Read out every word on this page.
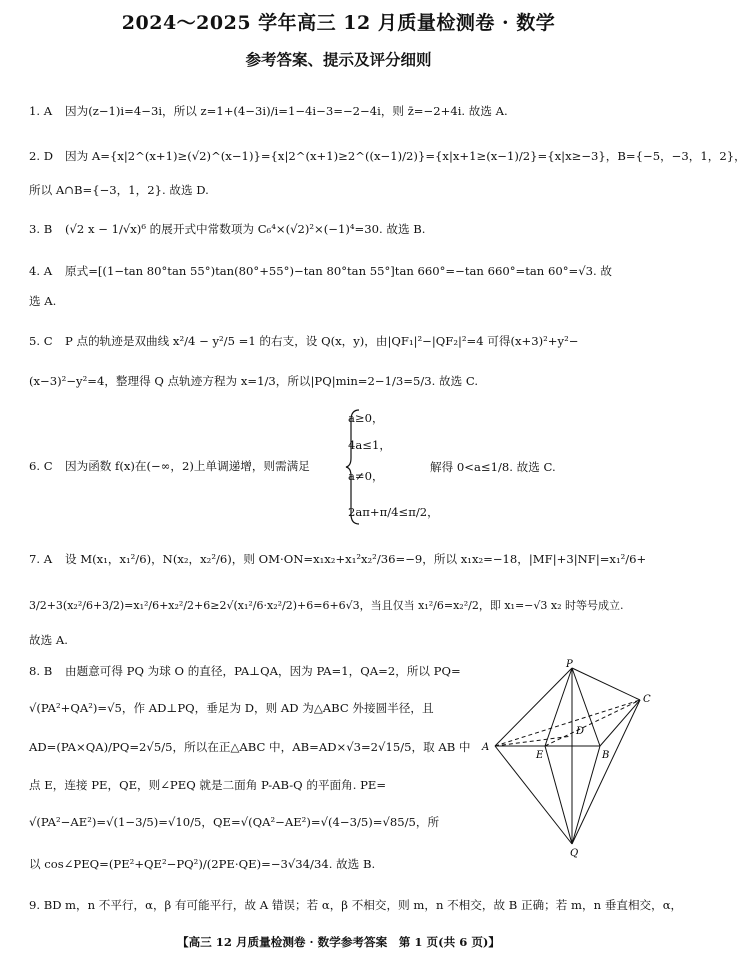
2024～2025 学年高三 12 月质量检测卷 · 数学
参考答案、提示及评分细则
1. A 因为(z−1)i=4−3i，所以 z=1+(4−3i)/i=1−4i−3=−2−4i，则 z̄=−2+4i. 故选 A.
2. D 因为 A={x|2^(x+1)≥(√2)^(x−1)}={x|2^(x+1)≥2^((x−1)/2)}={x|x+1≥(x−1)/2}={x|x≥−3}，B={−5，−3，1，2}，
所以 A∩B={−3，1，2}. 故选 D.
3. B (√2 x − 1/√x)⁶ 的展开式中常数项为 C₆⁴×(√2)²×(−1)⁴=30. 故选 B.
4. A 原式=[(1−tan 80°tan 55°)tan(80°+55°)−tan 80°tan 55°]tan 660°=−tan 660°=tan 60°=√3. 故
选 A.
5. C P 点的轨迹是双曲线 x²/4 − y²/5 =1 的右支，设 Q(x，y)，由|QF₁|²−|QF₂|²=4 可得(x+3)²+y²−
(x−3)²−y²=4，整理得 Q 点轨迹方程为 x=1/3，所以|PQ|min=2−1/3=5/3. 故选 C.
6. C 因为函数 f(x)在(−∞，2)上单调递增，则需满足
a≥0，
4a≤1，
a≠0，
2aπ+π/4≤π/2，
解得 0<a≤1/8. 故选 C.
7. A 设 M(x₁，x₁²/6)，N(x₂，x₂²/6)，则 OM·ON=x₁x₂+x₁²x₂²/36=−9，所以 x₁x₂=−18，|MF|+3|NF|=x₁²/6+
3/2+3(x₂²/6+3/2)=x₁²/6+x₂²/2+6≥2√(x₁²/6·x₂²/2)+6=6+6√3，当且仅当 x₁²/6=x₂²/2，即 x₁=−√3 x₂ 时等号成立.
故选 A.
8. B 由题意可得 PQ 为球 O 的直径，PA⊥QA，因为 PA=1，QA=2，所以 PQ=
√(PA²+QA²)=√5，作 AD⊥PQ，垂足为 D，则 AD 为△ABC 外接圆半径，且
AD=(PA×QA)/PQ=2√5/5，所以在正△ABC 中，AB=AD×√3=2√15/5，取 AB 中
点 E，连接 PE，QE，则∠PEQ 就是二面角 P-AB-Q 的平面角. PE=
√(PA²−AE²)=√(1−3/5)=√10/5，QE=√(QA²−AE²)=√(4−3/5)=√85/5，所
以 cos∠PEQ=(PE²+QE²−PQ²)/(2PE·QE)=−3√34/34. 故选 B.
9. BD m，n 不平行，α，β 有可能平行，故 A 错误；若 α，β 不相交，则 m，n 不相交，故 B 正确；若 m，n 垂直相交，α，
P
A
B
C
D
E
Q
【高三 12 月质量检测卷 · 数学参考答案　第 1 页(共 6 页)】
